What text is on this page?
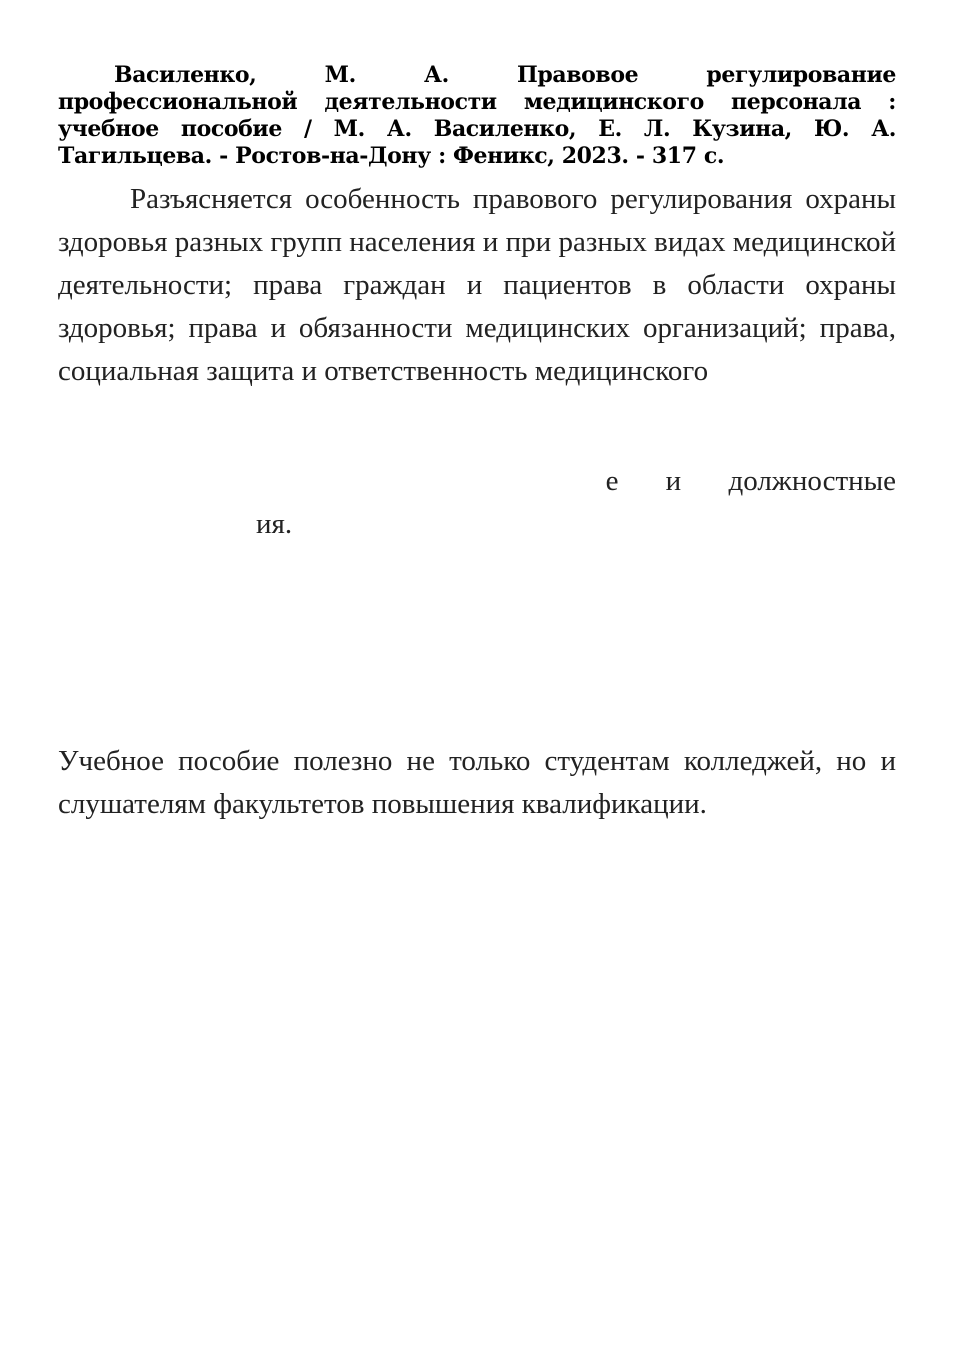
Василенко, М. А. Правовое регулирование профессиональной деятельности медицинского персонала : учебное пособие / М. А. Василенко, Е. Л. Кузина, Ю. А. Тагильцева. - Ростов-на-Дону : Феникс, 2023. - 317 с.

Разъясняется особенность правового регулирования охраны здоровья разных групп населения и при разных видах медицинской деятельности; права граждан и пациентов в области охраны здоровья; права и обязанности медицинских организаций; права, социальная защита и ответственность медицинского

е и должностные
ия.

Учебное пособие полезно не только студентам колледжей, но и слушателям факультетов повышения квалификации.
